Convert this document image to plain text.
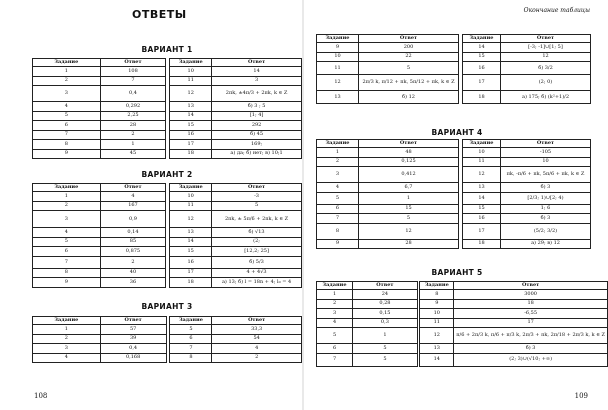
ОТВЕТЫ
ВАРИАНТ 1
Задание	Ответ		Задание	Ответ
1	108		10	14
2	7		11	3
3	0,4		12	2πk, ±4π/3 + 2πk, k ∈ Z
4	0,292		13	б) 3 ; 5
5	2,25		14	[1; 4]
6	28		15	292
7	2		16	б) 45
8	1		17	169;
9	45		18	а) да; б) нет; в) 10;1
ВАРИАНТ 2
Задание	Ответ		Задание	Ответ
1	4		10	-3
2	167		11	5
3	0,9		12	2πk, ± 5π/6 + 2πk, k ∈ Z
4	0,14		13	б) √13
5	85		14	(2;
6	0,875		15	[12,2; 25]
7	2		16	б) 5/3
8	40		17	4 + 4√3
9	36		18	а) 13; б) l = 18n + 4; l₀ = 4
ВАРИАНТ 3
Задание	Ответ		Задание	Ответ
1	57		5	33,3
2	39		6	54
3	0,4		7	4
4	0,168		8	2
108
Окончание таблицы
Задание	Ответ		Задание	Ответ
9	200		14	[-3; -1]∪[1; 5]
10	22		15	12
11	5		16	б) 3/2
12	2π/3 k, π/12 + πk, 5π/12 + πk, k ∈ Z		17	(2; 0)
13	б) 12		18	а) 175; б) (k²+1)/2
ВАРИАНТ 4
Задание	Ответ		Задание	Ответ
1	48		10	-105
2	0,125		11	10
3	0,412		12	πk, -π/6 + πk, 5π/6 + πk, k ∈ Z
4	6,7		13	б) 3
5	1		14	[2/3; 1)∪[2; 4)
6	15		15	1; 6
7	5		16	б) 3
8	12		17	(5/2; 3/2)
9	28		18	а) 29; в) 12
ВАРИАНТ 5
Задание	Ответ		Задание	Ответ
1	24		8	3000
2	0,28		9	18
3	0,15		10	-6,55
4	0,3		11	17
5	1		12	π/6 + 2π/3 k, π/6 + π/3 k, 2π/3 + πk, 2π/18 + 2π/3 k, k ∈ Z
6	5		13	б) 3
7	5		14	(2; 3)∪(√10; +∞)
109
